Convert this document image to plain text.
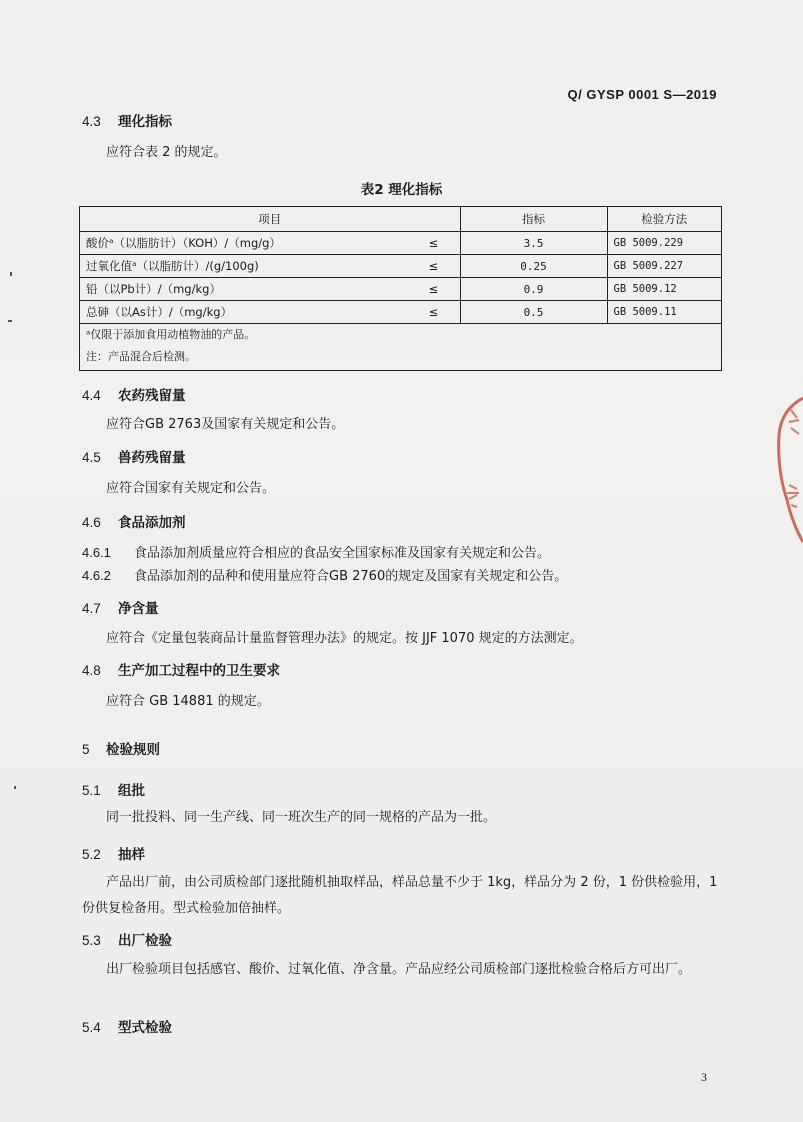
Q/ GYSP 0001 S—2019
4.3 理化指标
应符合表 2 的规定。
表2 理化指标
项目		指标	检验方法
酸价ᵃ（以脂肪计）（KOH）/（mg/g）	≤	3.5	GB 5009.229
过氧化值ᵃ（以脂肪计）/(g/100g)	≤	0.25	GB 5009.227
铅（以Pb计）/（mg/kg）	≤	0.9	GB 5009.12
总砷（以As计）/（mg/kg）	≤	0.5	GB 5009.11

ᵃ仅限于添加食用动植物油的产品。
注：产品混合后检测。			
4.4 农药残留量
应符合GB 2763及国家有关规定和公告。
4.5 兽药残留量
应符合国家有关规定和公告。
4.6 食品添加剂
4.6.1 食品添加剂质量应符合相应的食品安全国家标准及国家有关规定和公告。
4.6.2 食品添加剂的品种和使用量应符合GB 2760的规定及国家有关规定和公告。
4.7 净含量
应符合《定量包装商品计量监督管理办法》的规定。按 JJF 1070 规定的方法测定。
4.8 生产加工过程中的卫生要求
应符合 GB 14881 的规定。
5 检验规则
5.1 组批
同一批投料、同一生产线、同一班次生产的同一规格的产品为一批。
5.2 抽样
产品出厂前，由公司质检部门逐批随机抽取样品，样品总量不少于 1kg，样品分为 2 份，1 份供检验用，1 份供复检备用。型式检验加倍抽样。
5.3 出厂检验
出厂检验项目包括感官、酸价、过氧化值、净含量。产品应经公司质检部门逐批检验合格后方可出厂。
5.4 型式检验
3
